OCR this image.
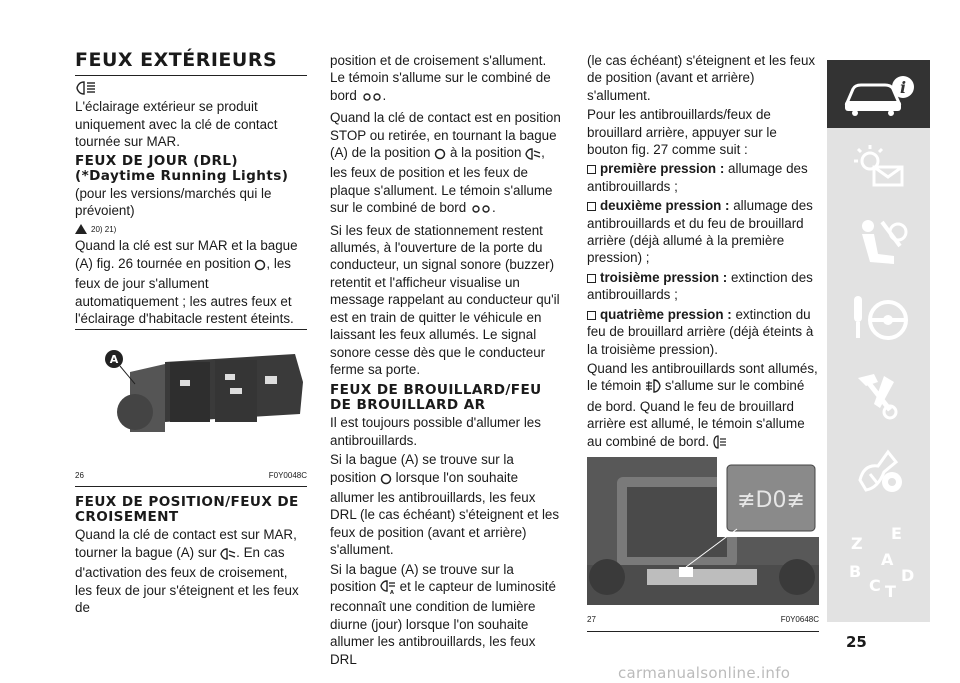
FEUX EXTÉRIEURS

L'éclairage extérieur se produit uniquement avec la clé de contact tournée sur MAR.

FEUX DE JOUR (DRL) (*Daytime Running Lights)

(pour les versions/marchés qui le prévoient)

20) 21)

Quand la clé est sur MAR et la bague (A) fig. 26 tournée en position , les feux de jour s'allument automatiquement ; les autres feux et l'éclairage d'habitacle restent éteints.

A
26	F0Y0048C
FEUX DE POSITION/FEUX DE CROISEMENT

Quand la clé de contact est sur MAR, tourner la bague (A) sur . En cas d'activation des feux de croisement, les feux de jour s'éteignent et les feux de

position et de croisement s'allument. Le témoin s'allume sur le combiné de bord .

Quand la clé de contact est en position STOP ou retirée, en tournant la bague (A) de la position à la position , les feux de position et les feux de plaque s'allument. Le témoin s'allume sur le combiné de bord .

Si les feux de stationnement restent allumés, à l'ouverture de la porte du conducteur, un signal sonore (buzzer) retentit et l'afficheur visualise un message rappelant au conducteur qu'il est en train de quitter le véhicule en laissant les feux allumés. Le signal sonore cesse dès que le conducteur ferme sa porte.

FEUX DE BROUILLARD/FEU DE BROUILLARD AR

Il est toujours possible d'allumer les antibrouillards.

Si la bague (A) se trouve sur la position lorsque l'on souhaite allumer les antibrouillards, les feux DRL (le cas échéant) s'éteignent et les feux de position (avant et arrière) s'allument.

Si la bague (A) se trouve sur la position	A et le capteur de luminosité reconnaît une condition de lumière diurne (jour) lorsque l'on souhaite allumer les antibrouillards, les feux DRL

(le cas échéant) s'éteignent et les feux de position (avant et arrière) s'allument.

Pour les antibrouillards/feux de brouillard arrière, appuyer sur le bouton fig. 27 comme suit :

première pression : allumage des antibrouillards ;

deuxième pression : allumage des antibrouillards et du feu de brouillard arrière (déjà allumé à la première pression) ;

troisième pression : extinction des antibrouillards ;

quatrième pression : extinction du feu de brouillard arrière (déjà éteints à la troisième pression).

Quand les antibrouillards sont allumés, le témoin s'allume sur le combiné de bord. Quand le feu de brouillard arrière est allumé, le témoin s'allume au combiné de bord.

≢D0≢
27	F0Y0648C
i
Z
E
A
B
C T
D
25
carmanualsonline.info
